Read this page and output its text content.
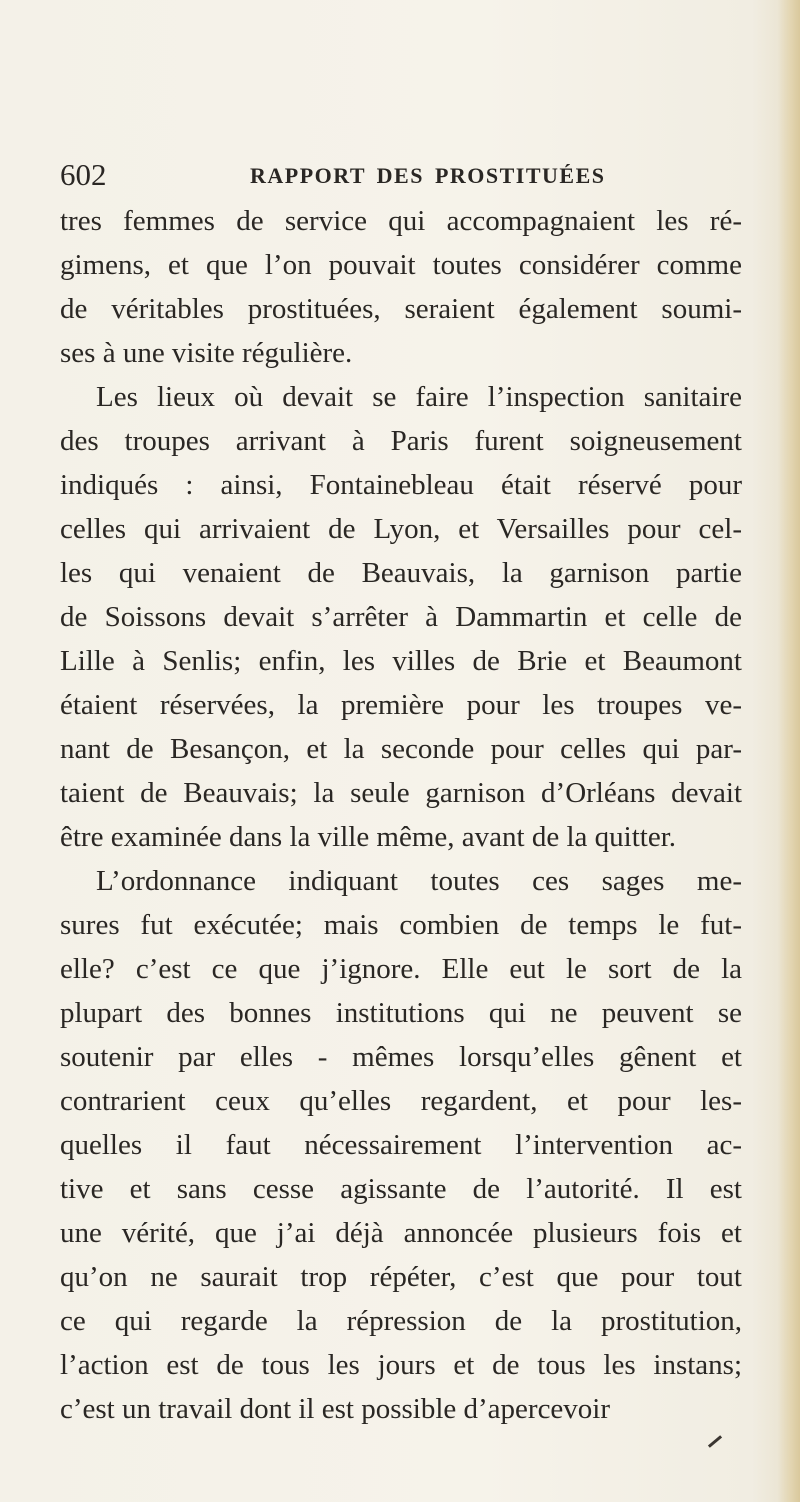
602	RAPPORT DES PROSTITUÉES
tres femmes de service qui accompagnaient les ré-
gimens, et que l’on pouvait toutes considérer comme
de véritables prostituées, seraient également soumi-
ses à une visite régulière.
Les lieux où devait se faire l’inspection sanitaire
des troupes arrivant à Paris furent soigneusement
indiqués : ainsi, Fontainebleau était réservé pour
celles qui arrivaient de Lyon, et Versailles pour cel-
les qui venaient de Beauvais, la garnison partie
de Soissons devait s’arrêter à Dammartin et celle de
Lille à Senlis; enfin, les villes de Brie et Beaumont
étaient réservées, la première pour les troupes ve-
nant de Besançon, et la seconde pour celles qui par-
taient de Beauvais; la seule garnison d’Orléans devait
être examinée dans la ville même, avant de la quitter.
L’ordonnance indiquant toutes ces sages me-
sures fut exécutée; mais combien de temps le fut-
elle? c’est ce que j’ignore. Elle eut le sort de la
plupart des bonnes institutions qui ne peuvent se
soutenir par elles - mêmes lorsqu’elles gênent et
contrarient ceux qu’elles regardent, et pour les-
quelles il faut nécessairement l’intervention ac-
tive et sans cesse agissante de l’autorité. Il est
une vérité, que j’ai déjà annoncée plusieurs fois et
qu’on ne saurait trop répéter, c’est que pour tout
ce qui regarde la répression de la prostitution,
l’action est de tous les jours et de tous les instans;
c’est un travail dont il est possible d’apercevoir
